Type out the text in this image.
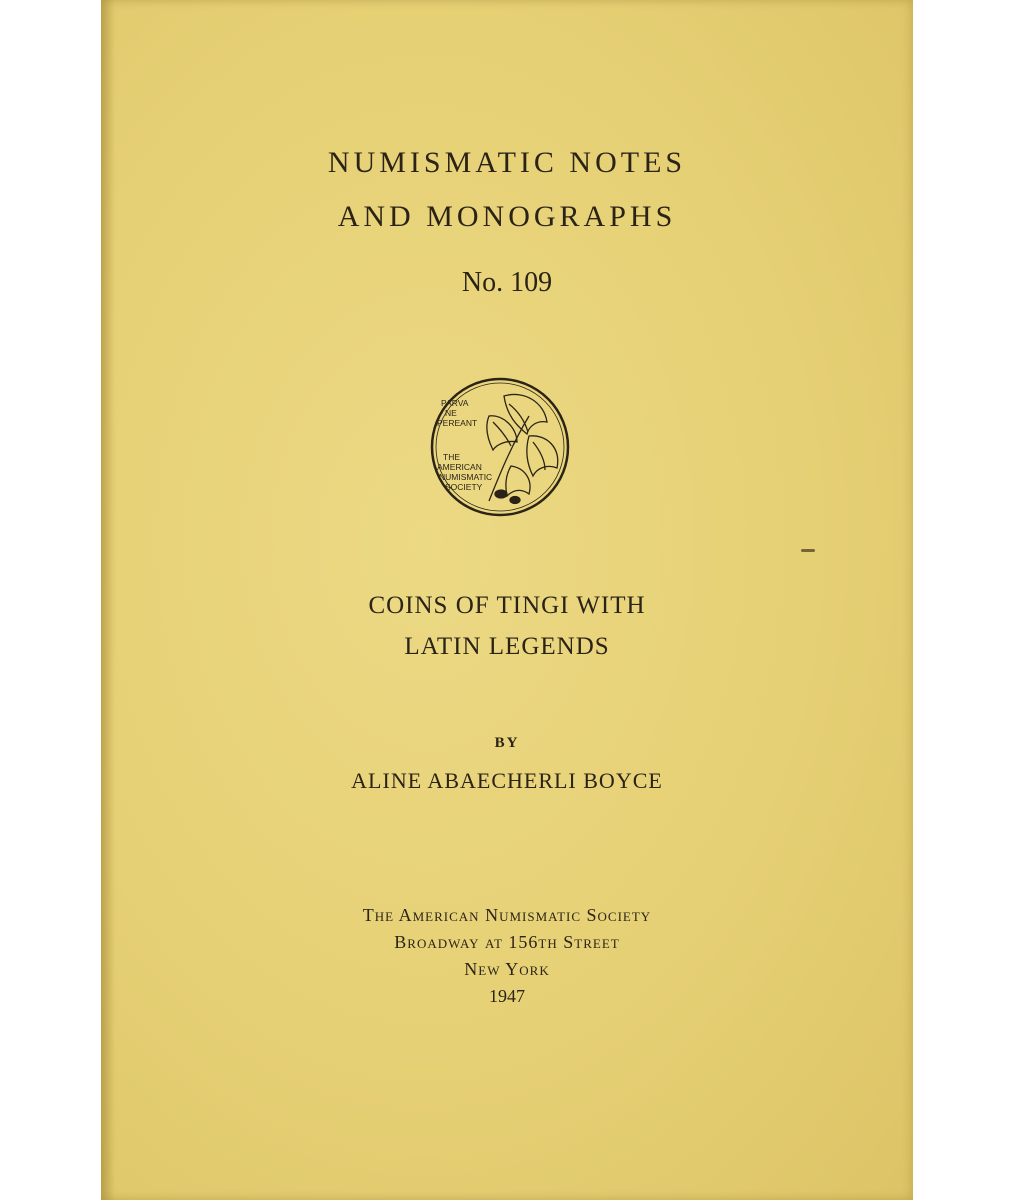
NUMISMATIC NOTES
AND MONOGRAPHS
No. 109
PARVA
NE
PEREANT
THE
AMERICAN
NUMISMATIC
SOCIETY
COINS OF TINGI WITH
LATIN LEGENDS
BY
ALINE ABAECHERLI BOYCE
The American Numismatic Society
Broadway at 156th Street
New York
1947
